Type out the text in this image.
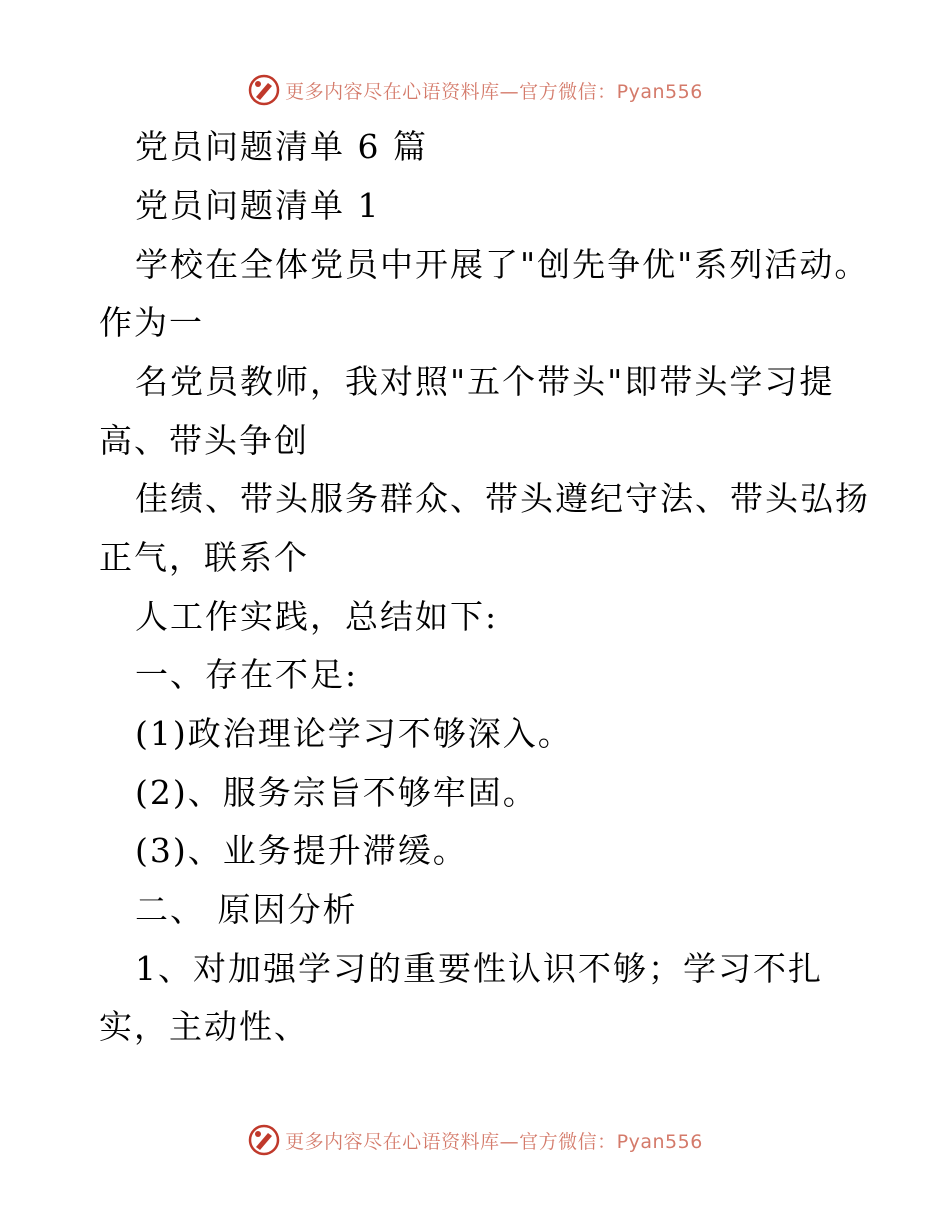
更多内容尽在心语资料库—官方微信：Pyan556
党员问题清单 6 篇
党员问题清单 1
学校在全体党员中开展了"创先争优"系列活动。
作为一
名党员教师，我对照"五个带头"即带头学习提
高、带头争创
佳绩、带头服务群众、带头遵纪守法、带头弘扬
正气，联系个
人工作实践，总结如下:
一、存在不足:
(1)政治理论学习不够深入。
(2)、服务宗旨不够牢固。
(3)、业务提升滞缓。
二、 原因分析
1、对加强学习的重要性认识不够；学习不扎
实，主动性、
更多内容尽在心语资料库—官方微信：Pyan556
